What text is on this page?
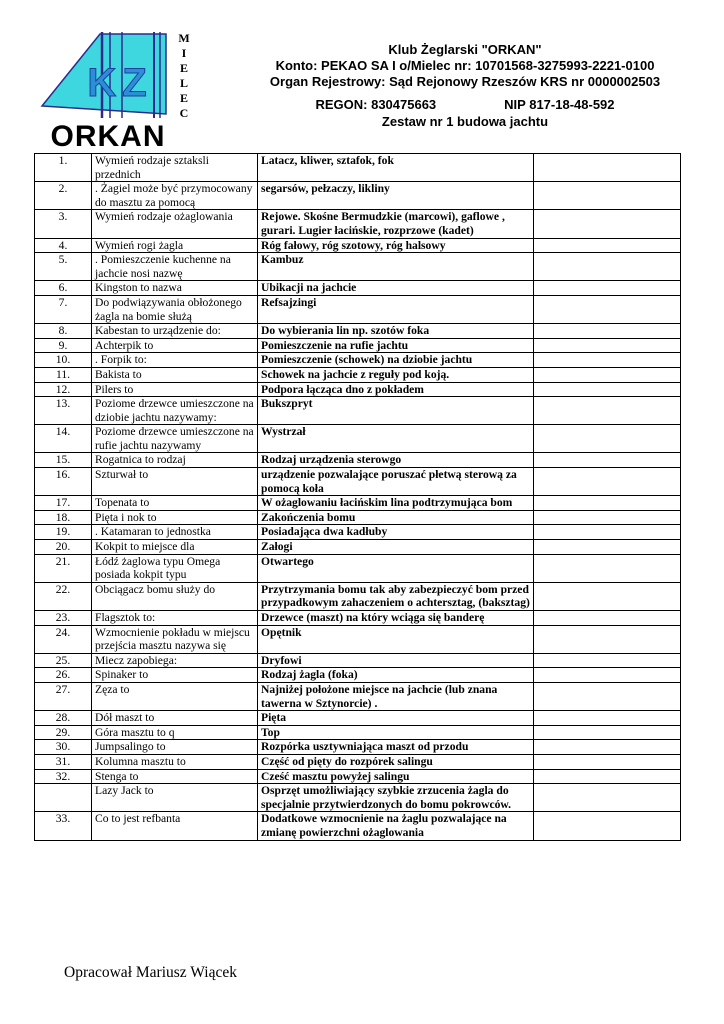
KZ
M
I
E
L
E
C
ORKAN
Klub Żeglarski "ORKAN"
Konto: PEKAO SA I o/Mielec nr: 10701568-3275993-2221-0100
Organ Rejestrowy: Sąd Rejonowy Rzeszów KRS nr 0000002503
REGON: 830475663	NIP 817-18-48-592
Zestaw nr 1 budowa jachtu
1.	Wymień rodzaje sztaksli przednich	Latacz, kliwer, sztafok, fok	
2.	. Żagiel może być przymocowany do masztu za pomocą	segarsów, pełzaczy, likliny	
3.	Wymień rodzaje ożaglowania	Rejowe. Skośne Bermudzkie (marcowi), gaflowe , gurari. Lugier łacińskie, rozprzowe (kadet)	
4.	Wymień rogi żagla	Róg fałowy, róg szotowy, róg halsowy	
5.	. Pomieszczenie kuchenne na jachcie nosi nazwę	Kambuz	
6.	Kingston to nazwa	Ubikacji na jachcie	
7.	Do podwiązywania obłożonego żagla na bomie służą	Refsajzingi	
8.	Kabestan to urządzenie do:	Do wybierania lin np. szotów foka	
9.	Achterpik to	Pomieszczenie na rufie jachtu	
10.	. Forpik to:	Pomieszczenie (schowek) na dziobie jachtu	
11.	Bakista to	Schowek na jachcie z reguły pod koją.	
12.	Pilers to	Podpora łącząca dno z pokładem	
13.	Poziome drzewce umieszczone na dziobie jachtu nazywamy:	Bukszpryt	
14.	Poziome drzewce umieszczone na rufie jachtu nazywamy	Wystrzał	
15.	Rogatnica to rodzaj	Rodzaj urządzenia sterowgo	
16.	Szturwał to	urządzenie pozwalające poruszać płetwą sterową za pomocą koła	
17.	Topenata to	W ożaglowaniu łacińskim lina podtrzymująca bom	
18.	Pięta i nok to	Zakończenia bomu	
19.	. Katamaran to jednostka	Posiadająca dwa kadłuby	
20.	Kokpit to miejsce dla	Załogi	
21.	Łódź żaglowa typu Omega posiada kokpit typu	Otwartego	
22.	Obciągacz bomu służy do	Przytrzymania bomu tak aby zabezpieczyć bom przed przypadkowym zahaczeniem o achtersztag, (baksztag)	
23.	Flagsztok to:	Drzewce (maszt) na który wciąga się banderę	
24.	Wzmocnienie pokładu w miejscu przejścia masztu nazywa się	Opętnik	
25.	Miecz zapobiega:	Dryfowi	
26.	Spinaker to	Rodzaj żagla (foka)	
27.	Zęza to	Najniżej położone miejsce na jachcie (lub znana tawerna w Sztynorcie) .	
28.	Dół maszt to	Pięta	
29.	Góra masztu to q	Top	
30.	Jumpsalingo to	Rozpórka usztywniająca maszt od przodu	
31.	Kolumna masztu to	Część od pięty do rozpórek salingu	
32.	Stenga to	Cześć masztu powyżej salingu	
	Lazy Jack to	Osprzęt umożliwiający szybkie zrzucenia żagla do specjalnie przytwierdzonych do bomu pokrowców.	
33.	Co to jest refbanta	Dodatkowe wzmocnienie na żaglu pozwalające na zmianę powierzchni ożaglowania	
Opracował Mariusz Wiącek
